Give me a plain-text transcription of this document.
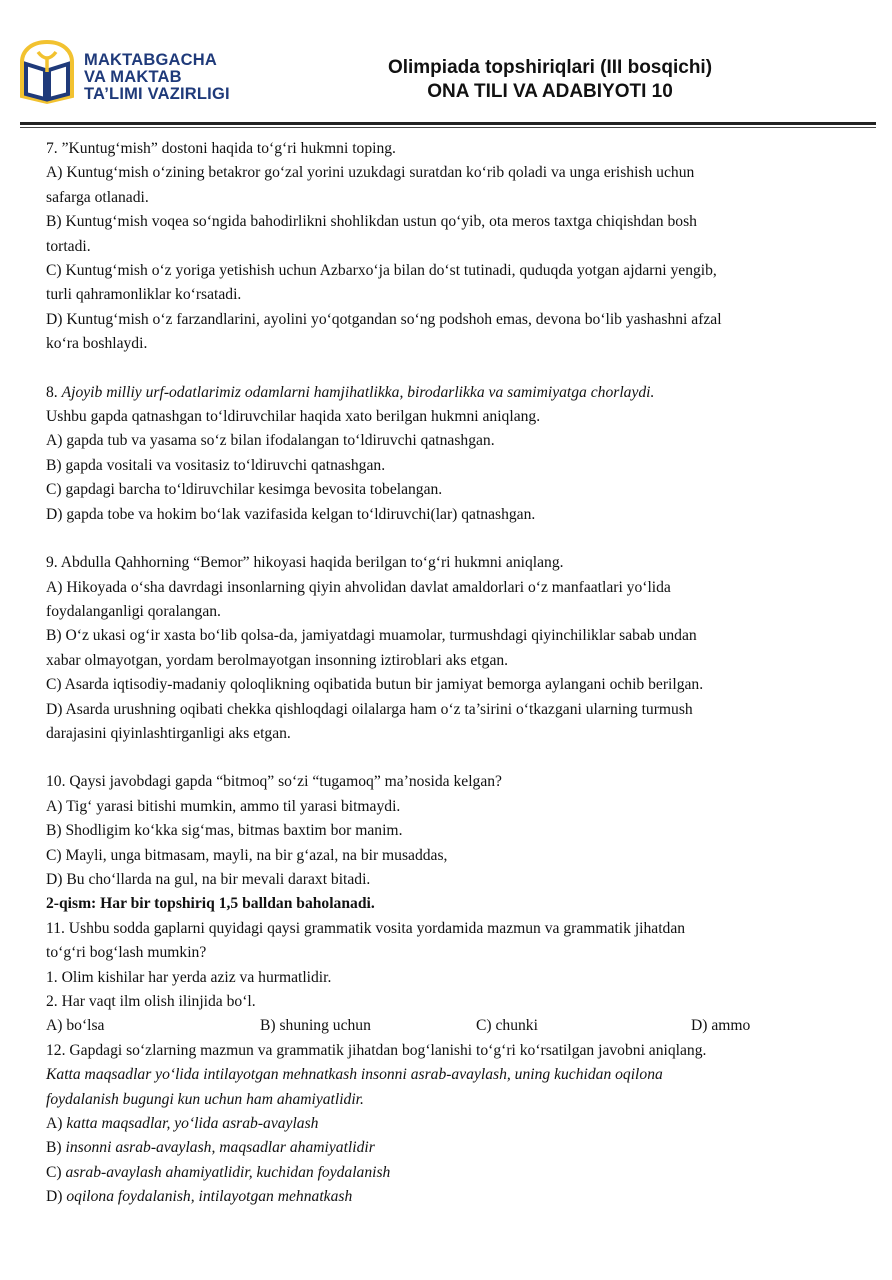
MAKTABGACHA
VA MAKTAB
TA’LIMI VAZIRLIGI
Olimpiada topshiriqlari (III bosqichi)
ONA TILI VA ADABIYOTI 10
7. ”Kuntug‘mish” dostoni haqida to‘g‘ri hukmni toping.
A) Kuntug‘mish o‘zining betakror go‘zal yorini uzukdagi suratdan ko‘rib qoladi va unga erishish uchun
safarga otlanadi.
B) Kuntug‘mish voqea so‘ngida bahodirlikni shohlikdan ustun qo‘yib, ota meros taxtga chiqishdan bosh
tortadi.
C) Kuntug‘mish o‘z yoriga yetishish uchun Azbarxo‘ja bilan do‘st tutinadi, quduqda yotgan ajdarni yengib,
turli qahramonliklar ko‘rsatadi.
D) Kuntug‘mish o‘z farzandlarini, ayolini yo‘qotgandan so‘ng podshoh emas, devona bo‘lib yashashni afzal
ko‘ra boshlaydi.
8. Ajoyib milliy urf-odatlarimiz odamlarni hamjihatlikka, birodarlikka va samimiyatga chorlaydi.
Ushbu gapda qatnashgan to‘ldiruvchilar haqida xato berilgan hukmni aniqlang.
A) gapda tub va yasama so‘z bilan ifodalangan to‘ldiruvchi qatnashgan.
B) gapda vositali va vositasiz to‘ldiruvchi qatnashgan.
C) gapdagi barcha to‘ldiruvchilar kesimga bevosita tobelangan.
D) gapda tobe va hokim bo‘lak vazifasida kelgan to‘ldiruvchi(lar) qatnashgan.
9. Abdulla Qahhorning “Bemor” hikoyasi haqida berilgan to‘g‘ri hukmni aniqlang.
A) Hikoyada o‘sha davrdagi insonlarning qiyin ahvolidan davlat amaldorlari o‘z manfaatlari yo‘lida
foydalanganligi qoralangan.
B) O‘z ukasi og‘ir xasta bo‘lib qolsa-da, jamiyatdagi muamolar, turmushdagi qiyinchiliklar sabab undan
xabar olmayotgan, yordam berolmayotgan insonning iztiroblari aks etgan.
C) Asarda iqtisodiy-madaniy qoloqlikning oqibatida butun bir jamiyat bemorga aylangani ochib berilgan.
D) Asarda urushning oqibati chekka qishloqdagi oilalarga ham o‘z ta’sirini o‘tkazgani ularning turmush
darajasini qiyinlashtirganligi aks etgan.
10. Qaysi javobdagi gapda “bitmoq” so‘zi “tugamoq” ma’nosida kelgan?
A) Tig‘ yarasi bitishi mumkin, ammo til yarasi bitmaydi.
B) Shodligim ko‘kka sig‘mas, bitmas baxtim bor manim.
C) Mayli, unga bitmasam, mayli, na bir g‘azal, na bir musaddas,
D) Bu cho‘llarda na gul, na bir mevali daraxt bitadi.
2-qism: Har bir topshiriq 1,5 balldan baholanadi.
11. Ushbu sodda gaplarni quyidagi qaysi grammatik vosita yordamida mazmun va grammatik jihatdan
to‘g‘ri bog‘lash mumkin?
1. Olim kishilar har yerda aziz va hurmatlidir.
2. Har vaqt ilm olish ilinjida bo‘l.
A) bo‘lsa	B) shuning uchun	C) chunki	D) ammo
12. Gapdagi so‘zlarning mazmun va grammatik jihatdan bog‘lanishi to‘g‘ri ko‘rsatilgan javobni aniqlang.
Katta maqsadlar yo‘lida intilayotgan mehnatkash insonni asrab-avaylash, uning kuchidan oqilona
foydalanish bugungi kun uchun ham ahamiyatlidir.
A) katta maqsadlar, yo‘lida asrab-avaylash
B) insonni asrab-avaylash, maqsadlar ahamiyatlidir
C) asrab-avaylash ahamiyatlidir, kuchidan foydalanish
D) oqilona foydalanish, intilayotgan mehnatkash
